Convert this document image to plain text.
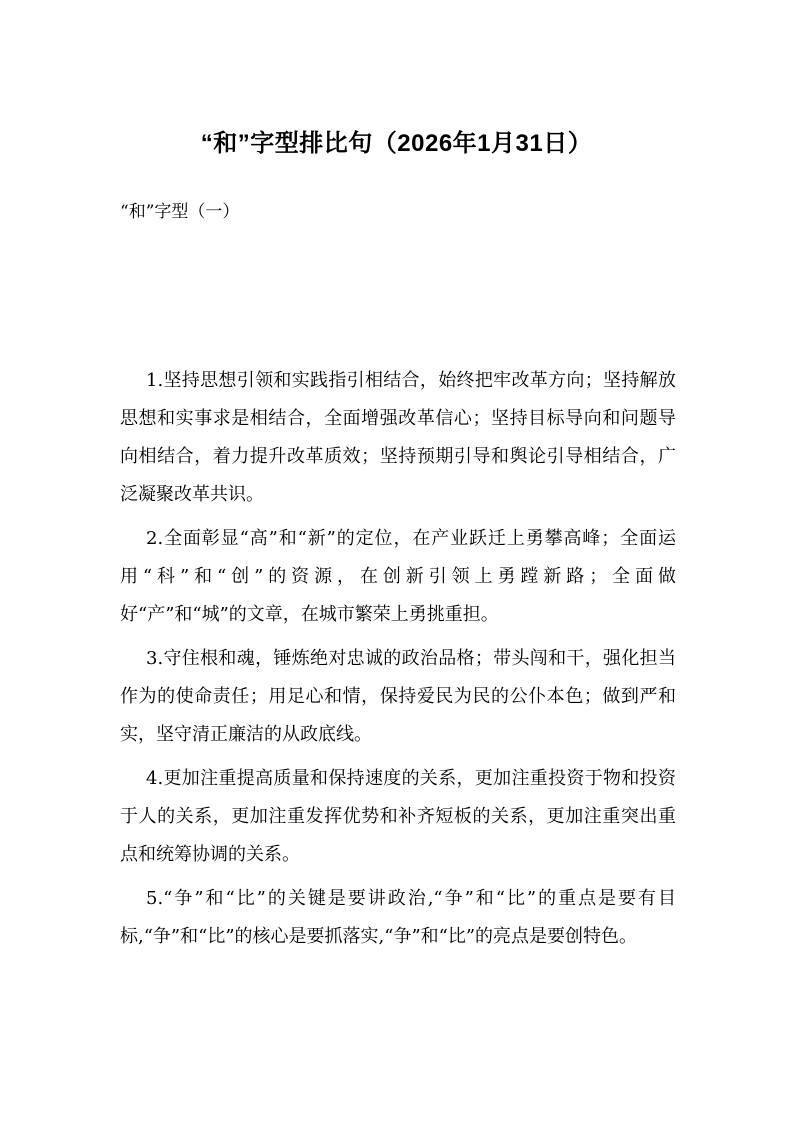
“和”字型排比句（2026年1月31日）

“和”字型（一）

1.坚持思想引领和实践指引相结合，始终把牢改革方向；坚持解放思想和实事求是相结合，全面增强改革信心；坚持目标导向和问题导向相结合，着力提升改革质效；坚持预期引导和舆论引导相结合，广泛凝聚改革共识。

2.全面彰显“高”和“新”的定位，在产业跃迁上勇攀高峰；全面运用“科”和“创”的资源，在创新引领上勇蹚新路；全面做好“产”和“城”的文章，在城市繁荣上勇挑重担。

3.守住根和魂，锤炼绝对忠诚的政治品格；带头闯和干，强化担当作为的使命责任；用足心和情，保持爱民为民的公仆本色；做到严和实，坚守清正廉洁的从政底线。

4.更加注重提高质量和保持速度的关系，更加注重投资于物和投资于人的关系，更加注重发挥优势和补齐短板的关系，更加注重突出重点和统筹协调的关系。

5.“争”和“比”的关键是要讲政治,“争”和“比”的重点是要有目标,“争”和“比”的核心是要抓落实,“争”和“比”的亮点是要创特色。
